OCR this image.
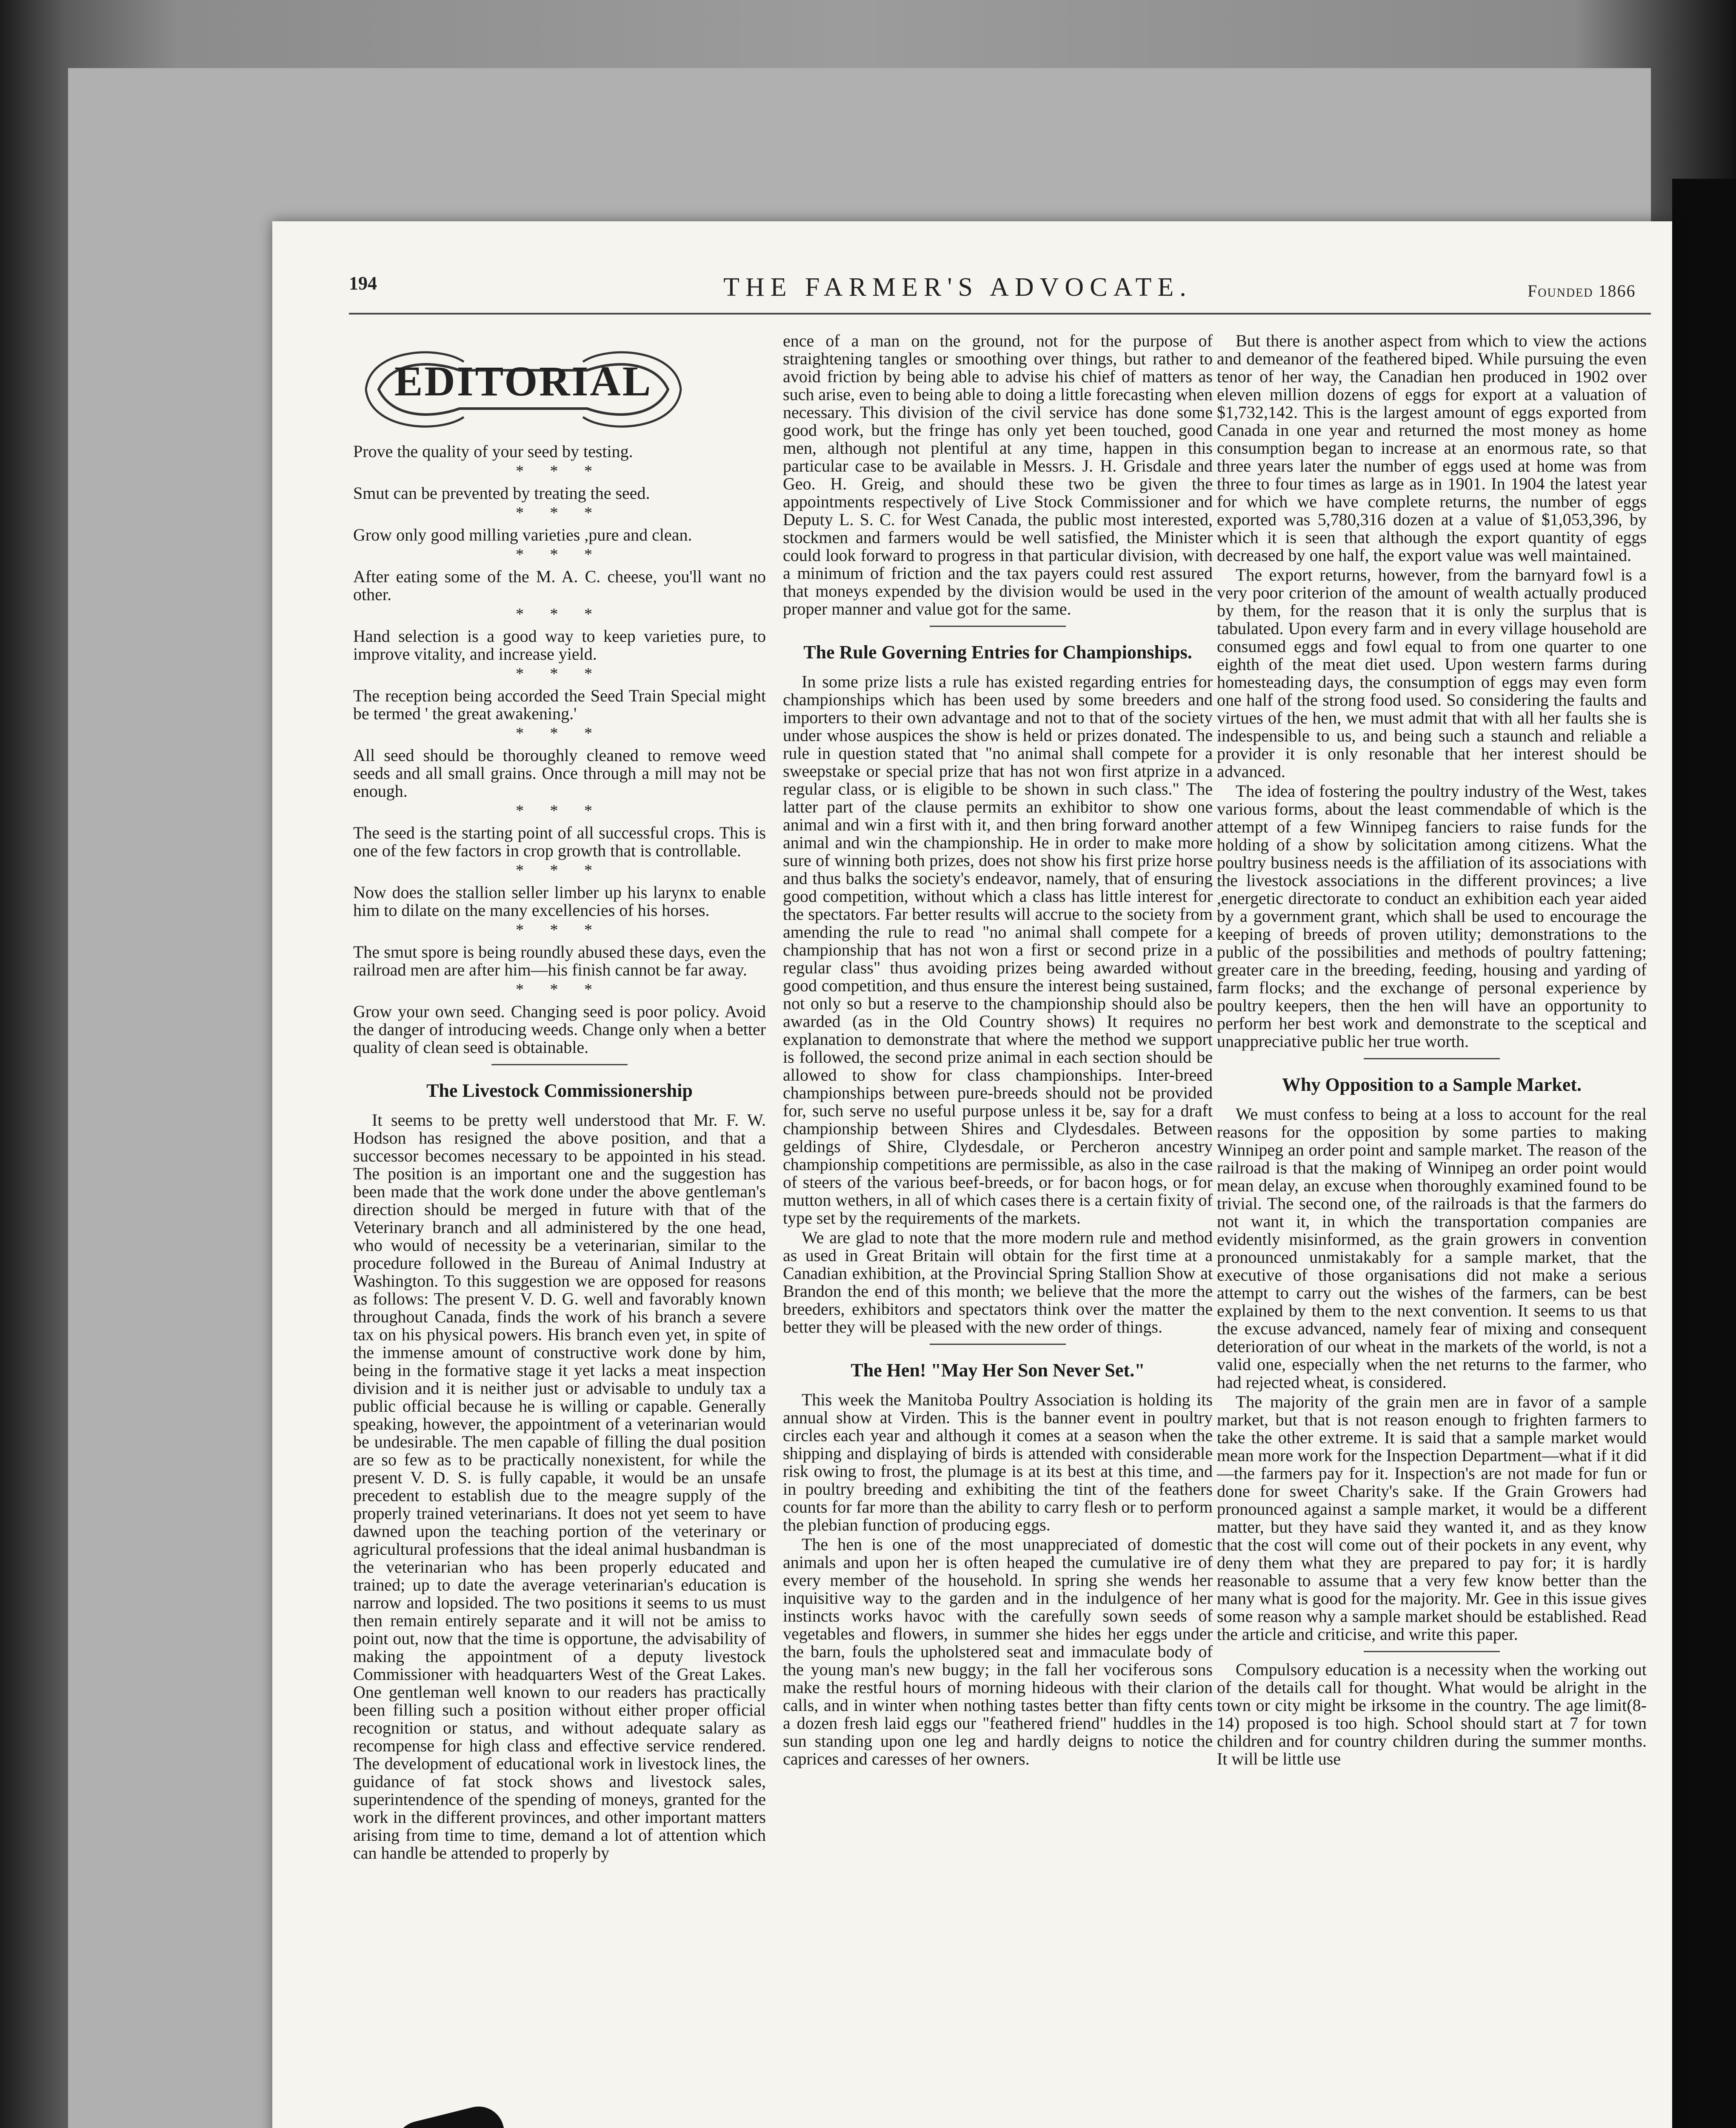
194	THE FARMER'S ADVOCATE.	Founded 1866
EDITORIAL

Prove the quality of your seed by testing.

* * *

Smut can be prevented by treating the seed.

* * *

Grow only good milling varieties ,pure and clean.

* * *

After eating some of the M. A. C. cheese, you'll want no other.

* * *

Hand selection is a good way to keep varieties pure, to improve vitality, and increase yield.

* * *

The reception being accorded the Seed Train Special might be termed ' the great awakening.'

* * *

All seed should be thoroughly cleaned to remove weed seeds and all small grains. Once through a mill may not be enough.

* * *

The seed is the starting point of all successful crops. This is one of the few factors in crop growth that is controllable.

* * *

Now does the stallion seller limber up his larynx to enable him to dilate on the many excellencies of his horses.

* * *

The smut spore is being roundly abused these days, even the railroad men are after him—his finish cannot be far away.

* * *

Grow your own seed. Changing seed is poor policy. Avoid the danger of introducing weeds. Change only when a better quality of clean seed is obtainable.

The Livestock Commissionership

It seems to be pretty well understood that Mr. F. W. Hodson has resigned the above position, and that a successor becomes necessary to be appointed in his stead. The position is an important one and the suggestion has been made that the work done under the above gentleman's direction should be merged in future with that of the Veterinary branch and all administered by the one head, who would of necessity be a veterinarian, similar to the procedure followed in the Bureau of Animal Industry at Washington. To this suggestion we are opposed for reasons as follows: The present V. D. G. well and favorably known throughout Canada, finds the work of his branch a severe tax on his physical powers. His branch even yet, in spite of the immense amount of constructive work done by him, being in the formative stage it yet lacks a meat inspection division and it is neither just or advisable to unduly tax a public official because he is willing or capable. Generally speaking, however, the appointment of a veterinarian would be undesirable. The men capable of filling the dual position are so few as to be practically nonexistent, for while the present V. D. S. is fully capable, it would be an unsafe precedent to establish due to the meagre supply of the properly trained veterinarians. It does not yet seem to have dawned upon the teaching portion of the veterinary or agricultural professions that the ideal animal husbandman is the veterinarian who has been properly educated and trained; up to date the average veterinarian's education is narrow and lopsided. The two positions it seems to us must then remain entirely separate and it will not be amiss to point out, now that the time is opportune, the advisability of making the appointment of a deputy livestock Commissioner with headquarters West of the Great Lakes. One gentleman well known to our readers has practically been filling such a position without either proper official recognition or status, and without adequate salary as recompense for high class and effective service rendered. The development of educational work in livestock lines, the guidance of fat stock shows and livestock sales, superintendence of the spending of moneys, granted for the work in the different provinces, and other important matters arising from time to time, demand a lot of attention which can handle be attended to properly by

ence of a man on the ground, not for the purpose of straightening tangles or smoothing over things, but rather to avoid friction by being able to advise his chief of matters as such arise, even to being able to doing a little forecasting when necessary. This division of the civil service has done some good work, but the fringe has only yet been touched, good men, although not plentiful at any time, happen in this particular case to be available in Messrs. J. H. Grisdale and Geo. H. Greig, and should these two be given the appointments respectively of Live Stock Commissioner and Deputy L. S. C. for West Canada, the public most interested, stockmen and farmers would be well satisfied, the Minister could look forward to progress in that particular division, with a minimum of friction and the tax payers could rest assured that moneys expended by the division would be used in the proper manner and value got for the same.

The Rule Governing Entries for Championships.

In some prize lists a rule has existed regarding entries for championships which has been used by some breeders and importers to their own advantage and not to that of the society under whose auspices the show is held or prizes donated. The rule in question stated that "no animal shall compete for a sweepstake or special prize that has not won first atprize in a regular class, or is eligible to be shown in such class." The latter part of the clause permits an exhibitor to show one animal and win a first with it, and then bring forward another animal and win the championship. He in order to make more sure of winning both prizes, does not show his first prize horse and thus balks the society's endeavor, namely, that of ensuring good competition, without which a class has little interest for the spectators. Far better results will accrue to the society from amending the rule to read "no animal shall compete for a championship that has not won a first or second prize in a regular class" thus avoiding prizes being awarded without good competition, and thus ensure the interest being sustained, not only so but a reserve to the championship should also be awarded (as in the Old Country shows) It requires no explanation to demonstrate that where the method we support is followed, the second prize animal in each section should be allowed to show for class championships. Inter-breed championships between pure-breeds should not be provided for, such serve no useful purpose unless it be, say for a draft championship between Shires and Clydesdales. Between geldings of Shire, Clydesdale, or Percheron ancestry championship competitions are permissible, as also in the case of steers of the various beef-breeds, or for bacon hogs, or for mutton wethers, in all of which cases there is a certain fixity of type set by the requirements of the markets.

We are glad to note that the more modern rule and method as used in Great Britain will obtain for the first time at a Canadian exhibition, at the Provincial Spring Stallion Show at Brandon the end of this month; we believe that the more the breeders, exhibitors and spectators think over the matter the better they will be pleased with the new order of things.

The Hen! "May Her Son Never Set."

This week the Manitoba Poultry Association is holding its annual show at Virden. This is the banner event in poultry circles each year and although it comes at a season when the shipping and displaying of birds is attended with considerable risk owing to frost, the plumage is at its best at this time, and in poultry breeding and exhibiting the tint of the feathers counts for far more than the ability to carry flesh or to perform the plebian function of producing eggs.

The hen is one of the most unappreciated of domestic animals and upon her is often heaped the cumulative ire of every member of the household. In spring she wends her inquisitive way to the garden and in the indulgence of her instincts works havoc with the carefully sown seeds of vegetables and flowers, in summer she hides her eggs under the barn, fouls the upholstered seat and immaculate body of the young man's new buggy; in the fall her vociferous sons make the restful hours of morning hideous with their clarion calls, and in winter when nothing tastes better than fifty cents a dozen fresh laid eggs our "feathered friend" huddles in the sun standing upon one leg and hardly deigns to notice the caprices and caresses of her owners.

But there is another aspect from which to view the actions and demeanor of the feathered biped. While pursuing the even tenor of her way, the Canadian hen produced in 1902 over eleven million dozens of eggs for export at a valuation of $1,732,142. This is the largest amount of eggs exported from Canada in one year and returned the most money as home consumption began to increase at an enormous rate, so that three years later the number of eggs used at home was from three to four times as large as in 1901. In 1904 the latest year for which we have complete returns, the number of eggs exported was 5,780,316 dozen at a value of $1,053,396, by which it is seen that although the export quantity of eggs decreased by one half, the export value was well maintained.

The export returns, however, from the barnyard fowl is a very poor criterion of the amount of wealth actually produced by them, for the reason that it is only the surplus that is tabulated. Upon every farm and in every village household are consumed eggs and fowl equal to from one quarter to one eighth of the meat diet used. Upon western farms during homesteading days, the consumption of eggs may even form one half of the strong food used. So considering the faults and virtues of the hen, we must admit that with all her faults she is indespensible to us, and being such a staunch and reliable a provider it is only resonable that her interest should be advanced.

The idea of fostering the poultry industry of the West, takes various forms, about the least commendable of which is the attempt of a few Winnipeg fanciers to raise funds for the holding of a show by solicitation among citizens. What the poultry business needs is the affiliation of its associations with the livestock associations in the different provinces; a live ,energetic directorate to conduct an exhibition each year aided by a government grant, which shall be used to encourage the keeping of breeds of proven utility; demonstrations to the public of the possibilities and methods of poultry fattening; greater care in the breeding, feeding, housing and yarding of farm flocks; and the exchange of personal experience by poultry keepers, then the hen will have an opportunity to perform her best work and demonstrate to the sceptical and unappreciative public her true worth.

Why Opposition to a Sample Market.

We must confess to being at a loss to account for the real reasons for the opposition by some parties to making Winnipeg an order point and sample market. The reason of the railroad is that the making of Winnipeg an order point would mean delay, an excuse when thoroughly examined found to be trivial. The second one, of the railroads is that the farmers do not want it, in which the transportation companies are evidently misinformed, as the grain growers in convention pronounced unmistakably for a sample market, that the executive of those organisations did not make a serious attempt to carry out the wishes of the farmers, can be best explained by them to the next convention. It seems to us that the excuse advanced, namely fear of mixing and consequent deterioration of our wheat in the markets of the world, is not a valid one, especially when the net returns to the farmer, who had rejected wheat, is considered.

The majority of the grain men are in favor of a sample market, but that is not reason enough to frighten farmers to take the other extreme. It is said that a sample market would mean more work for the Inspection Department—what if it did—the farmers pay for it. Inspection's are not made for fun or done for sweet Charity's sake. If the Grain Growers had pronounced against a sample market, it would be a different matter, but they have said they wanted it, and as they know that the cost will come out of their pockets in any event, why deny them what they are prepared to pay for; it is hardly reasonable to assume that a very few know better than the many what is good for the majority. Mr. Gee in this issue gives some reason why a sample market should be established. Read the article and criticise, and write this paper.

Compulsory education is a necessity when the working out of the details call for thought. What would be alright in the town or city might be irksome in the country. The age limit(8-14) proposed is too high. School should start at 7 for town children and for country children during the summer months. It will be little use
